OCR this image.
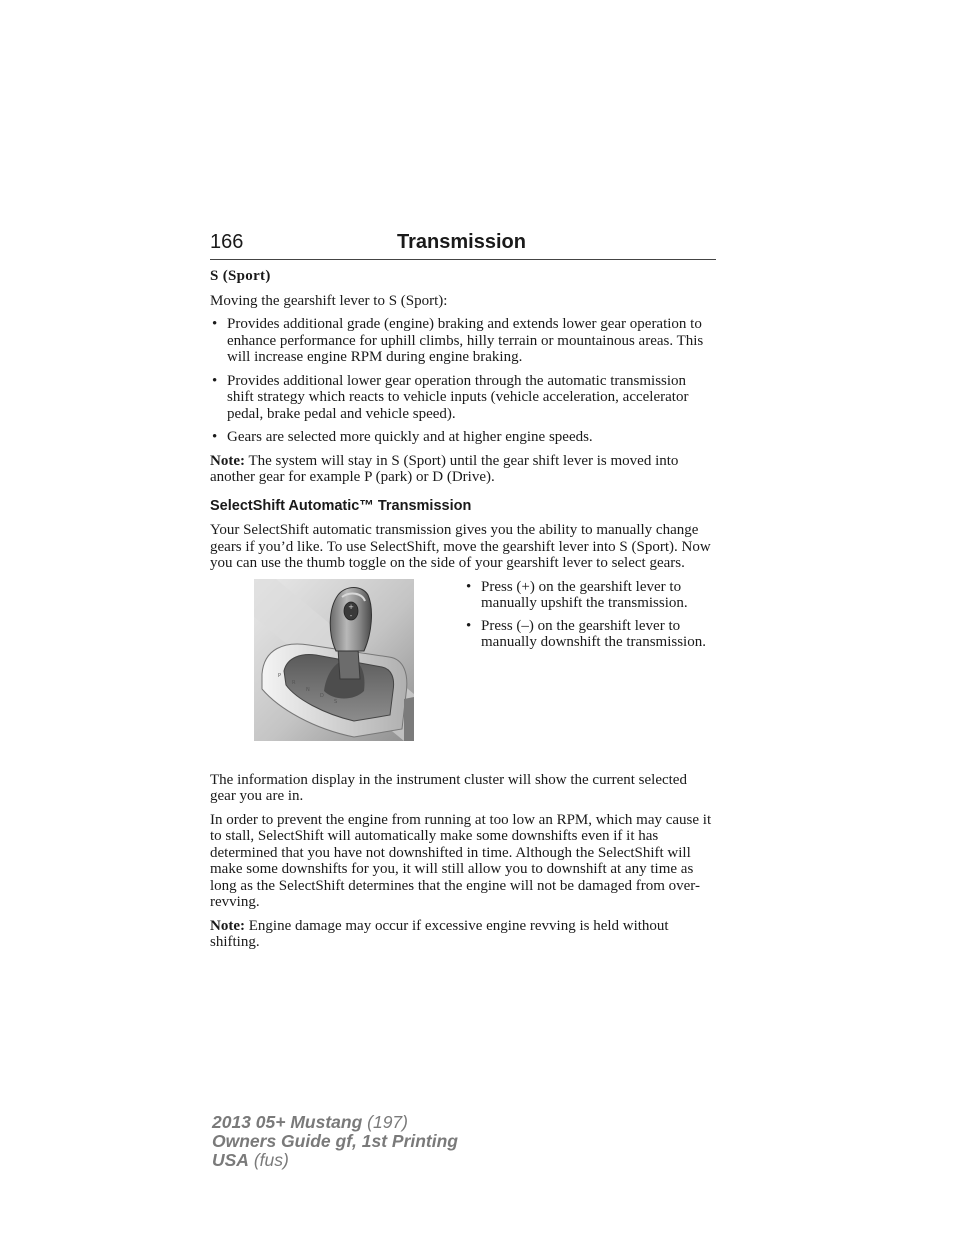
166	Transmission

S (Sport)

Moving the gearshift lever to S (Sport):

• Provides additional grade (engine) braking and extends lower gear operation to enhance performance for uphill climbs, hilly terrain or mountainous areas. This will increase engine RPM during engine braking.
• Provides additional lower gear operation through the automatic transmission shift strategy which reacts to vehicle inputs (vehicle acceleration, accelerator pedal, brake pedal and vehicle speed).
• Gears are selected more quickly and at higher engine speeds.

Note: The system will stay in S (Sport) until the gear shift lever is moved into another gear for example P (park) or D (Drive).

SelectShift Automatic™ Transmission

Your SelectShift automatic transmission gives you the ability to manually change gears if you’d like. To use SelectShift, move the gearshift lever into S (Sport). Now you can use the thumb toggle on the side of your gearshift lever to select gears.

+
-
P
R
N
D
S
• Press (+) on the gearshift lever to manually upshift the transmission.
• Press (–) on the gearshift lever to manually downshift the transmission.

The information display in the instrument cluster will show the current selected gear you are in.

In order to prevent the engine from running at too low an RPM, which may cause it to stall, SelectShift will automatically make some downshifts even if it has determined that you have not downshifted in time. Although the SelectShift will make some downshifts for you, it will still allow you to downshift at any time as long as the SelectShift determines that the engine will not be damaged from over-revving.

Note: Engine damage may occur if excessive engine revving is held without shifting.

2013 05+ Mustang (197)
Owners Guide gf, 1st Printing
USA (fus)
